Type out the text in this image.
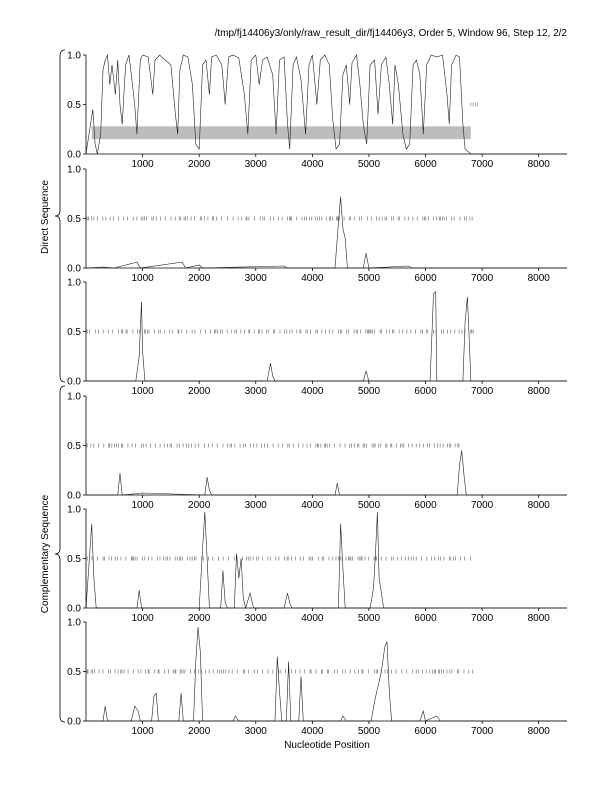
/tmp/fj14406y3/only/raw_result_dir/fj14406y3, Order 5, Window 96, Step 12, 2/2
0.0
0.5
1.0
1000	2000	3000	4000	5000	6000	7000	8000
0.0
0.5
1.0
1000	2000	3000	4000	5000	6000	7000	8000
0.0
0.5
1.0
1000	2000	3000	4000	5000	6000	7000	8000
0.0
0.5
1.0
1000	2000	3000	4000	5000	6000	7000	8000
0.0
0.5
1.0
1000	2000	3000	4000	5000	6000	7000	8000
0.0
0.5
1.0
1000	2000	3000	4000	5000	6000	7000	8000
Nucleotide Position
Direct Sequence
Complementary Sequence
